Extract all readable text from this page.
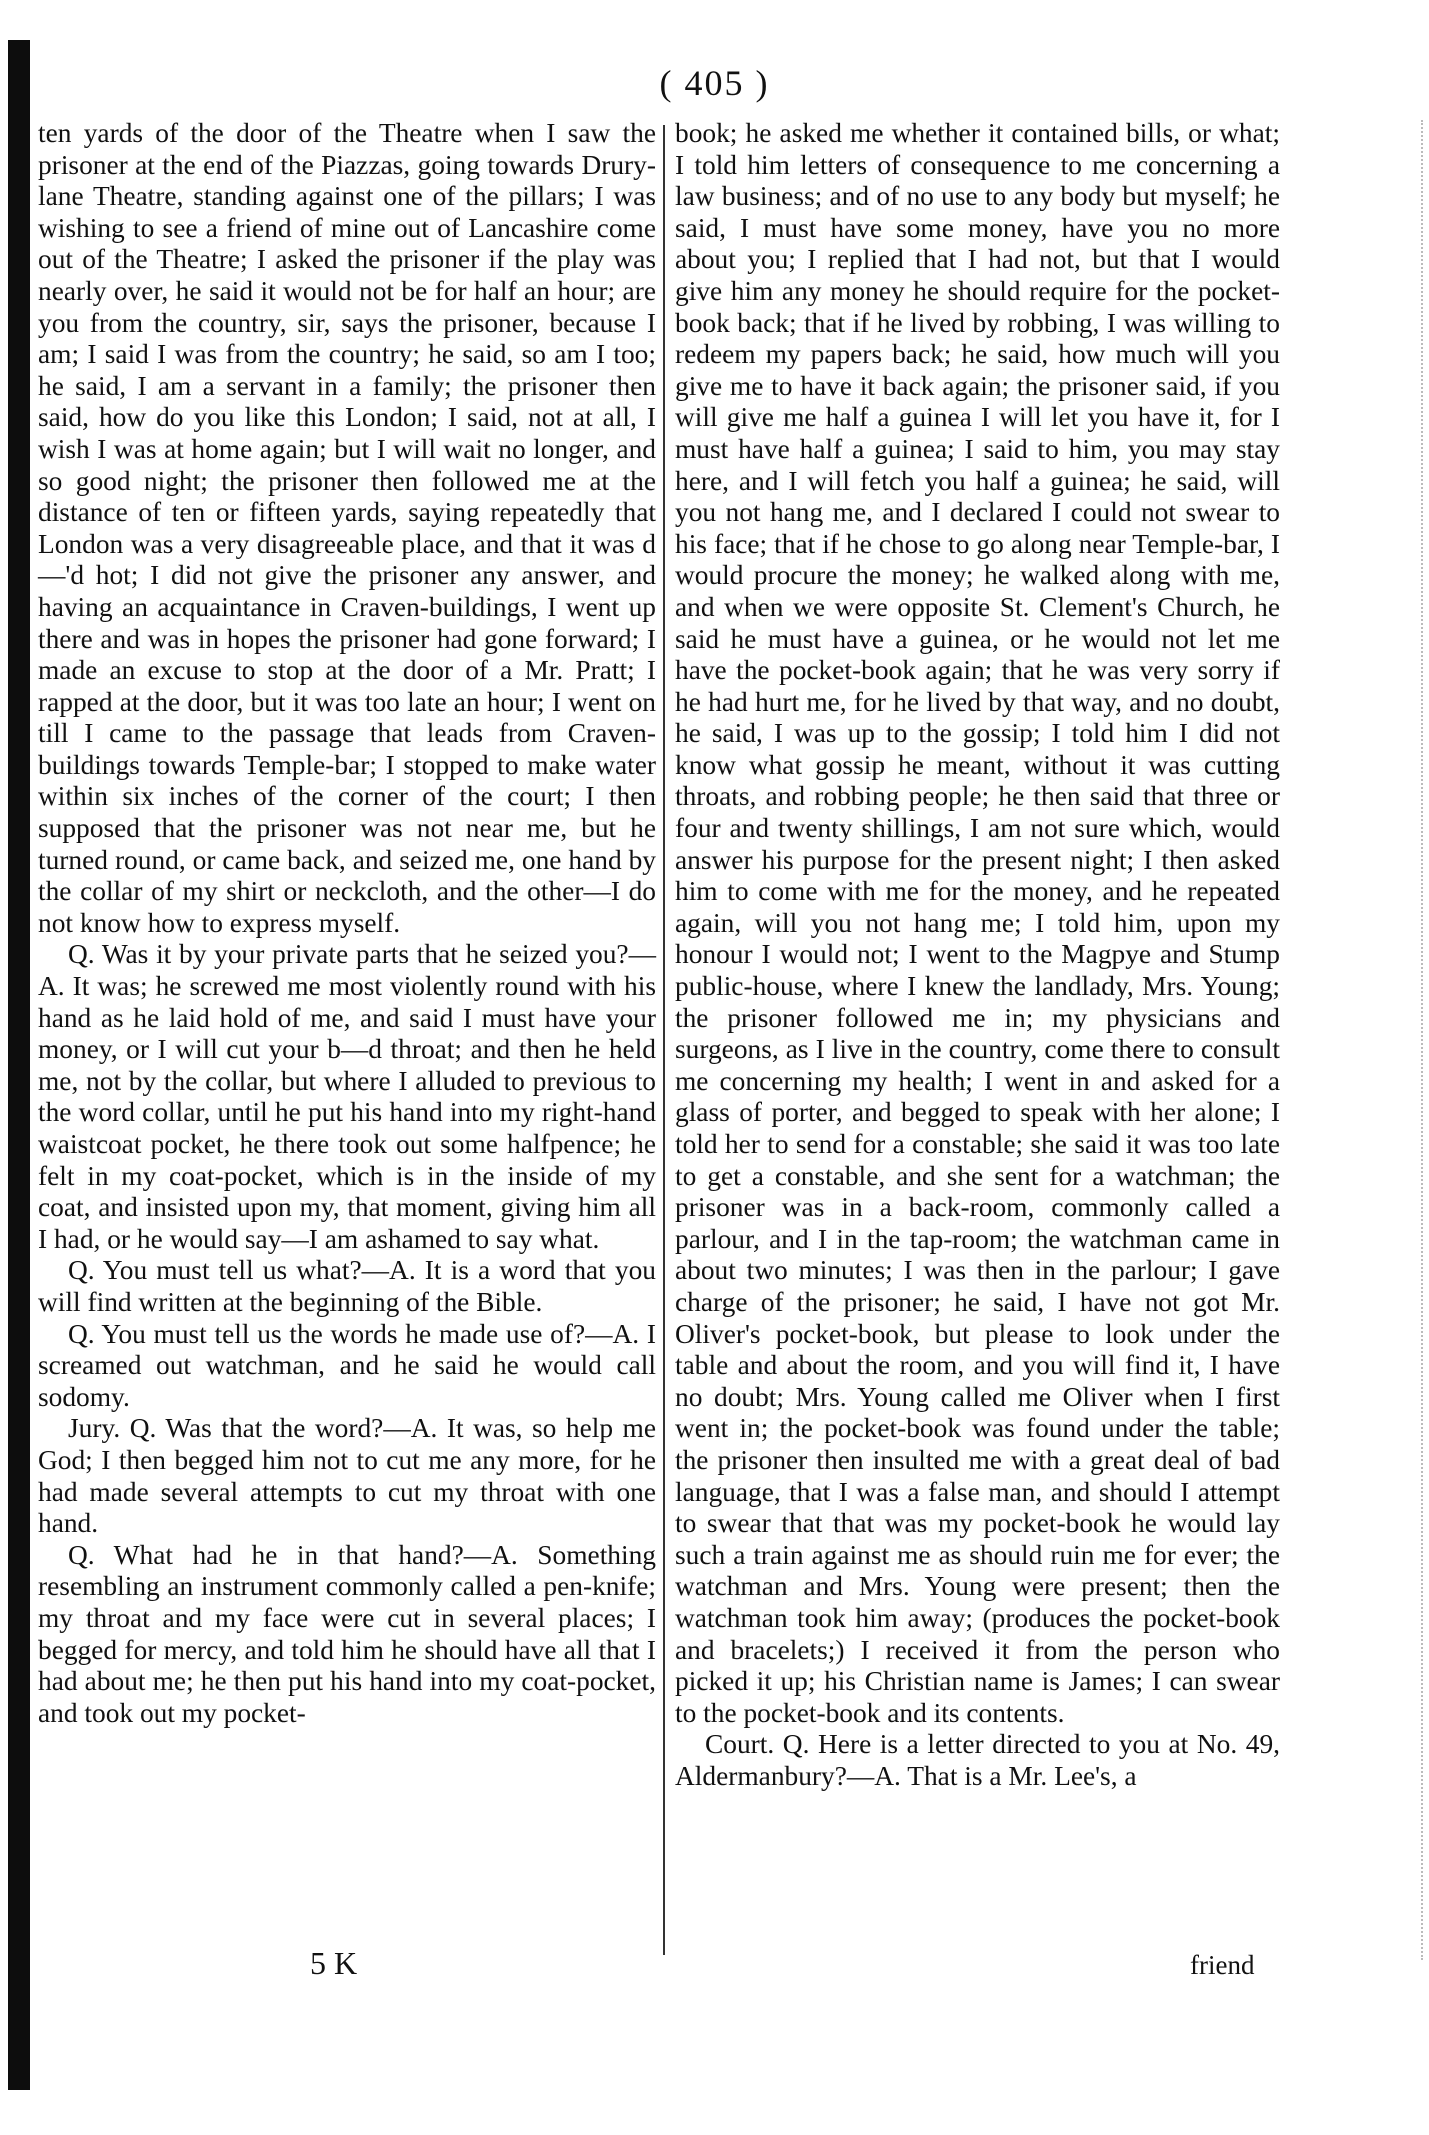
( 405 )

ten yards of the door of the Theatre when I saw the prisoner at the end of the Piazzas, going towards Drury-lane Theatre, standing against one of the pillars; I was wishing to see a friend of mine out of Lancashire come out of the Theatre; I asked the prisoner if the play was nearly over, he said it would not be for half an hour; are you from the country, sir, says the prisoner, because I am; I said I was from the country; he said, so am I too; he said, I am a servant in a family; the prisoner then said, how do you like this London; I said, not at all, I wish I was at home again; but I will wait no longer, and so good night; the prisoner then followed me at the distance of ten or fifteen yards, saying repeatedly that London was a very disagreeable place, and that it was d—'d hot; I did not give the prisoner any answer, and having an acquaintance in Craven-buildings, I went up there and was in hopes the prisoner had gone forward; I made an excuse to stop at the door of a Mr. Pratt; I rapped at the door, but it was too late an hour; I went on till I came to the passage that leads from Craven-buildings towards Temple-bar; I stopped to make water within six inches of the corner of the court; I then supposed that the prisoner was not near me, but he turned round, or came back, and seized me, one hand by the collar of my shirt or neckcloth, and the other—I do not know how to express myself.

Q. Was it by your private parts that he seized you?—A. It was; he screwed me most violently round with his hand as he laid hold of me, and said I must have your money, or I will cut your b—d throat; and then he held me, not by the collar, but where I alluded to previous to the word collar, until he put his hand into my right-hand waistcoat pocket, he there took out some halfpence; he felt in my coat-pocket, which is in the inside of my coat, and insisted upon my, that moment, giving him all I had, or he would say—I am ashamed to say what.

Q. You must tell us what?—A. It is a word that you will find written at the beginning of the Bible.

Q. You must tell us the words he made use of?—A. I screamed out watchman, and he said he would call sodomy.

Jury. Q. Was that the word?—A. It was, so help me God; I then begged him not to cut me any more, for he had made several attempts to cut my throat with one hand.

Q. What had he in that hand?—A. Something resembling an instrument commonly called a pen-knife; my throat and my face were cut in several places; I begged for mercy, and told him he should have all that I had about me; he then put his hand into my coat-pocket, and took out my pocket-

book; he asked me whether it contained bills, or what; I told him letters of consequence to me concerning a law business; and of no use to any body but myself; he said, I must have some money, have you no more about you; I replied that I had not, but that I would give him any money he should require for the pocket-book back; that if he lived by robbing, I was willing to redeem my papers back; he said, how much will you give me to have it back again; the prisoner said, if you will give me half a guinea I will let you have it, for I must have half a guinea; I said to him, you may stay here, and I will fetch you half a guinea; he said, will you not hang me, and I declared I could not swear to his face; that if he chose to go along near Temple-bar, I would procure the money; he walked along with me, and when we were opposite St. Clement's Church, he said he must have a guinea, or he would not let me have the pocket-book again; that he was very sorry if he had hurt me, for he lived by that way, and no doubt, he said, I was up to the gossip; I told him I did not know what gossip he meant, without it was cutting throats, and robbing people; he then said that three or four and twenty shillings, I am not sure which, would answer his purpose for the present night; I then asked him to come with me for the money, and he repeated again, will you not hang me; I told him, upon my honour I would not; I went to the Magpye and Stump public-house, where I knew the landlady, Mrs. Young; the prisoner followed me in; my physicians and surgeons, as I live in the country, come there to consult me concerning my health; I went in and asked for a glass of porter, and begged to speak with her alone; I told her to send for a constable; she said it was too late to get a constable, and she sent for a watchman; the prisoner was in a back-room, commonly called a parlour, and I in the tap-room; the watchman came in about two minutes; I was then in the parlour; I gave charge of the prisoner; he said, I have not got Mr. Oliver's pocket-book, but please to look under the table and about the room, and you will find it, I have no doubt; Mrs. Young called me Oliver when I first went in; the pocket-book was found under the table; the prisoner then insulted me with a great deal of bad language, that I was a false man, and should I attempt to swear that that was my pocket-book he would lay such a train against me as should ruin me for ever; the watchman and Mrs. Young were present; then the watchman took him away; (produces the pocket-book and bracelets;) I received it from the person who picked it up; his Christian name is James; I can swear to the pocket-book and its contents.

Court. Q. Here is a letter directed to you at No. 49, Aldermanbury?—A. That is a Mr. Lee's, a

5 K	friend
